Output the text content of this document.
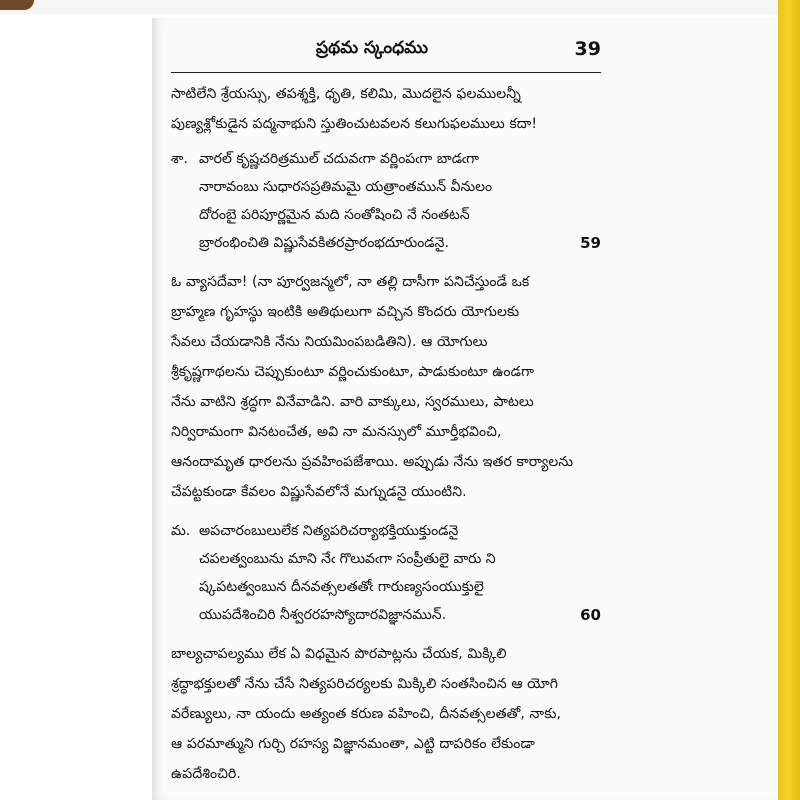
ప్రథమ స్కంధము	39
సాటిలేని శ్రేయస్సు, తపశ్శక్తి, ధృతి, కలిమి, మొదలైన ఫలములన్నీ
పుణ్యశ్లోకుడైన పద్మనాభుని స్తుతించుటవలన కలుగుఫలములు కదా!
శా. వారల్ కృష్ణచరిత్రముల్ చదువఁగా వర్ణింపఁగా బాడఁగా
నారావంబు సుధారసప్రతిమమై యత్రాంతమున్ వీనులం
దోరంబై పరిపూర్ణమైన మది సంతోషించి నే నంతటన్
బ్రారంభించితి విష్ణుసేవకితరప్రారంభదూరుండనై.	59
ఓ వ్యాసదేవా! (నా పూర్వజన్మలో, నా తల్లి దాసీగా పనిచేస్తుండే ఒక
బ్రాహ్మణ గృహస్థు ఇంటికి అతిథులుగా వచ్చిన కొందరు యోగులకు
సేవలు చేయడానికి నేను నియమింపబడితిని). ఆ యోగులు
శ్రీకృష్ణగాథలను చెప్పుకుంటూ వర్ణించుకుంటూ, పాడుకుంటూ ఉండగా
నేను వాటిని శ్రద్ధగా వినేవాడిని. వారి వాక్కులు, స్వరములు, పాటలు
నిర్విరామంగా వినటంచేత, అవి నా మనస్సులో మూర్తీభవించి,
ఆనందామృత ధారలను ప్రవహింపజేశాయి. అప్పుడు నేను ఇతర కార్యాలను
చేపట్టకుండా కేవలం విష్ణుసేవలోనే మగ్నుడనై యుంటిని.
మ. అపచారంబులులేక నిత్యపరిచర్యాభక్తియుక్తుండనై
చపలత్వంబును మాని నేఁ గొలువఁగా సంప్రీతులై వారు ని
ష్కపటత్వంబున దీనవత్సలతతోఁ గారుణ్యసంయుక్తులై
యుపదేశించిరి నీశ్వరరహస్యోదారవిజ్ఞానమున్.	60
బాల్యచాపల్యము లేక ఏ విధమైన పొరపాట్లను చేయక, మిక్కిలి
శ్రద్ధాభక్తులతో నేను చేసే నిత్యపరిచర్యలకు మిక్కిలి సంతసించిన ఆ యోగి
వరేణ్యులు, నా యందు అత్యంత కరుణ వహించి, దీనవత్సలతతో, నాకు,
ఆ పరమాత్ముని గుర్చి రహస్య విజ్ఞానమంతా, ఎట్టి దాపరికం లేకుండా
ఉపదేశించిరి.
